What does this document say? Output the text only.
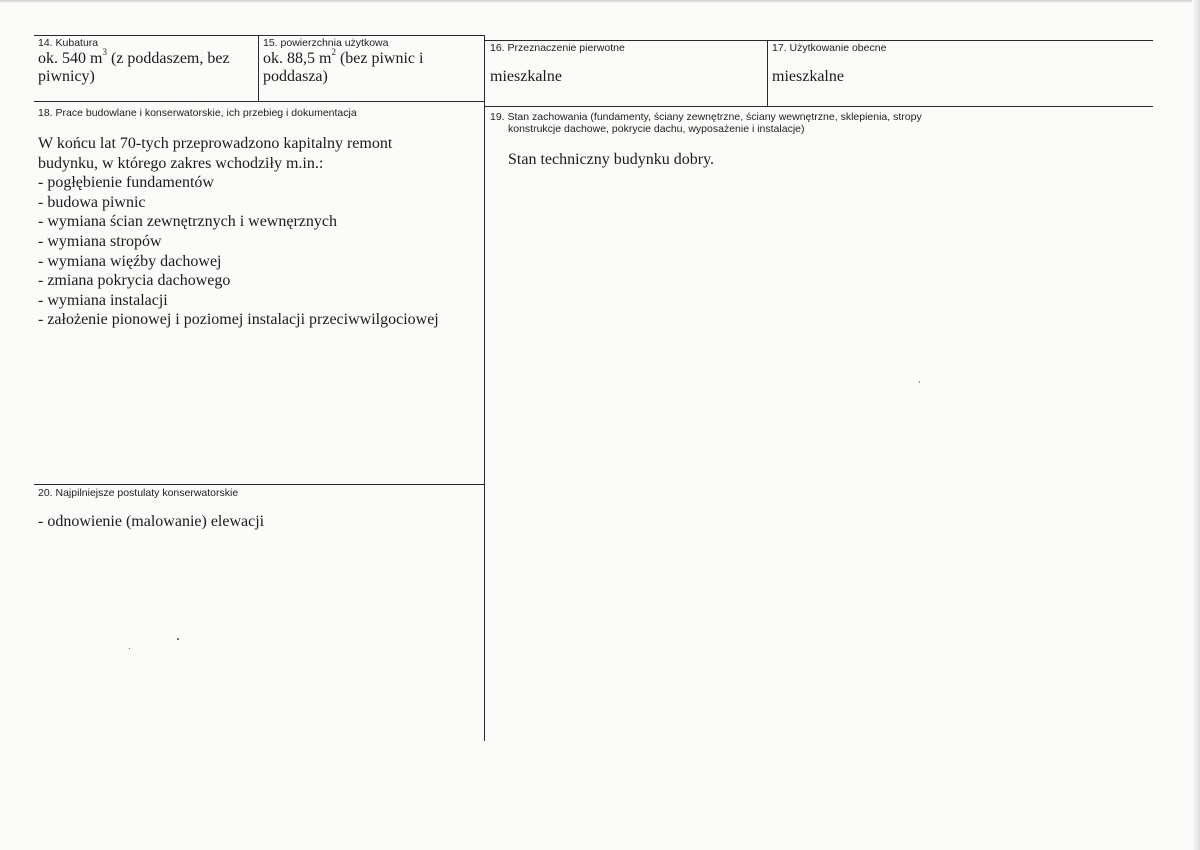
14. Kubatura
ok. 540 $m^3$ (z poddaszem, bez
piwnicy)
15. powierzchnia użytkowa
ok. 88,5 $m^2$ (bez piwnic i
poddasza)
16. Przeznaczenie pierwotne
mieszkalne
17. Użytkowanie obecne
mieszkalne
18. Prace budowlane i konserwatorskie, ich przebieg i dokumentacja
W końcu lat 70-tych przeprowadzono kapitalny remont
budynku, w którego zakres wchodziły m.in.:
- pogłębienie fundamentów
- budowa piwnic
- wymiana ścian zewnętrznych i wewnęrznych
- wymiana stropów
- wymiana więźby dachowej
- zmiana pokrycia dachowego
- wymiana instalacji
- założenie pionowej i poziomej instalacji przeciwwilgociowej
19. Stan zachowania (fundamenty, ściany zewnętrzne, ściany wewnętrzne, sklepienia, stropy
konstrukcje dachowe, pokrycie dachu, wyposażenie i instalacje)
Stan techniczny budynku dobry.
20. Najpilniejsze postulaty konserwatorskie
- odnowienie (malowanie) elewacji
